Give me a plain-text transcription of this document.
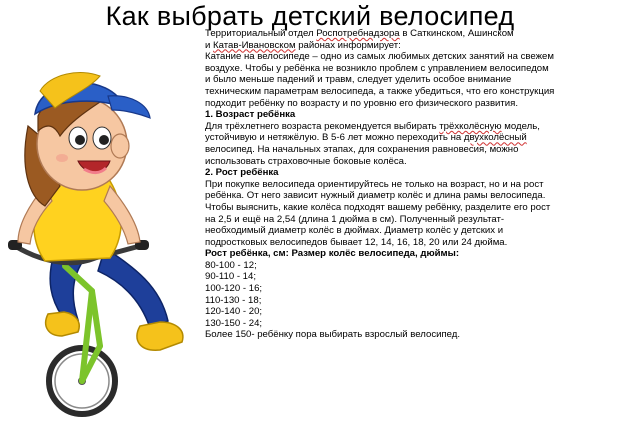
Как выбрать детский велосипед

Территориальный отдел Роспотребнадзора в Саткинском, Ашинском
и Катав-Ивановском районах информирует:

Катание на велосипеде – одно из самых любимых детских занятий на свежем воздухе. Чтобы у ребёнка не возникло проблем с управлением велосипедом и было меньше падений и травм, следует уделить особое внимание техническим параметрам велосипеда, а также убедиться, что его конструкция подходит ребёнку по возрасту и по уровню его физического развития.

1. Возраст ребёнка

Для трёхлетнего возраста рекомендуется выбирать трёхколёсную модель, устойчивую и нетяжёлую. В 5-6 лет можно переходить на двухколёсный велосипед. На начальных этапах, для сохранения равновесия, можно использовать страховочные боковые колёса.

2. Рост ребёнка

При покупке велосипеда ориентируйтесь не только на возраст, но и на рост ребёнка. От него зависит нужный диаметр колёс и длина рамы велосипеда. Чтобы выяснить, какие колёса подходят вашему ребёнку, разделите его рост на 2,5 и ещё на 2,54 (длина 1 дюйма в см). Полученный результат- необходимый диаметр колёс в дюймах. Диаметр колёс у детских и подростковых велосипедов бывает 12, 14, 16, 18, 20 или 24 дюйма.

Рост ребёнка, см: Размер колёс велосипеда, дюймы:

80-100 - 12;

90-110 - 14;

100-120 - 16;

110-130 - 18;

120-140 - 20;

130-150 - 24;

Более 150- ребёнку пора выбирать взрослый велосипед.
